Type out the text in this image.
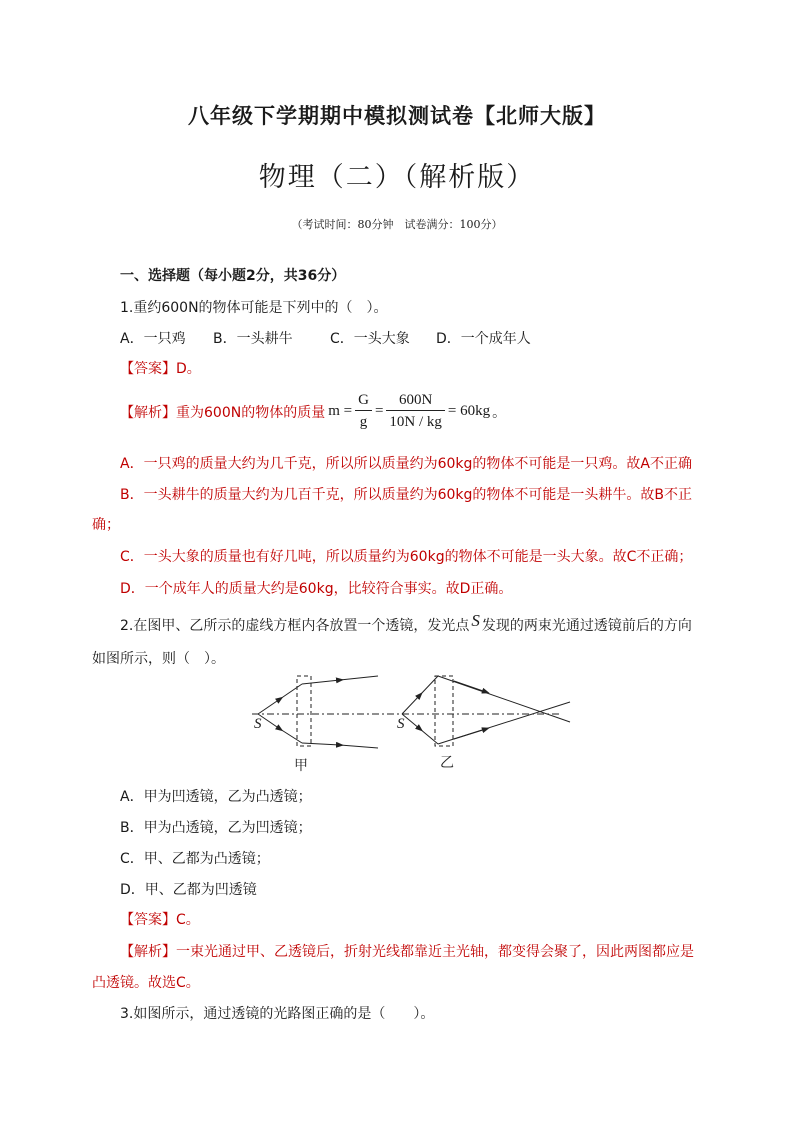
八年级下学期期中模拟测试卷【北师大版】
物理（二）（解析版）
（考试时间：80分钟　试卷满分：100分）
一、选择题（每小题2分，共36分）
1.重约600N的物体可能是下列中的（　）。
A．一只鸡 B．一头耕牛	C．一头大象 D．一个成年人
【答案】D。
【解析】 重为600N的物体的质量 $m = \frac{G}{g} = \frac{600N}{10N / kg} = 60kg$ 。
A．一只鸡的质量大约为几千克，所以所以质量约为60kg的物体不可能是一只鸡。故A不正确
B．一头耕牛的质量大约为几百千克，所以质量约为60kg的物体不可能是一头耕牛。故B不正
确；
C．一头大象的质量也有好几吨，所以质量约为60kg的物体不可能是一头大象。故C不正确；
D．一个成年人的质量大约是60kg，比较符合事实。故D正确。
2.在图甲、乙所示的虚线方框内各放置一个透镜，发光点 S 发现的两束光通过透镜前后的方向
如图所示，则（　）。
S
甲
S
乙
A．甲为凹透镜，乙为凸透镜；
B．甲为凸透镜，乙为凹透镜；
C．甲、乙都为凸透镜；
D．甲、乙都为凹透镜
【答案】C。
【解析】一束光通过甲、乙透镜后，折射光线都靠近主光轴，都变得会聚了，因此两图都应是
凸透镜。故选C。
3.如图所示，通过透镜的光路图正确的是（　　）。
